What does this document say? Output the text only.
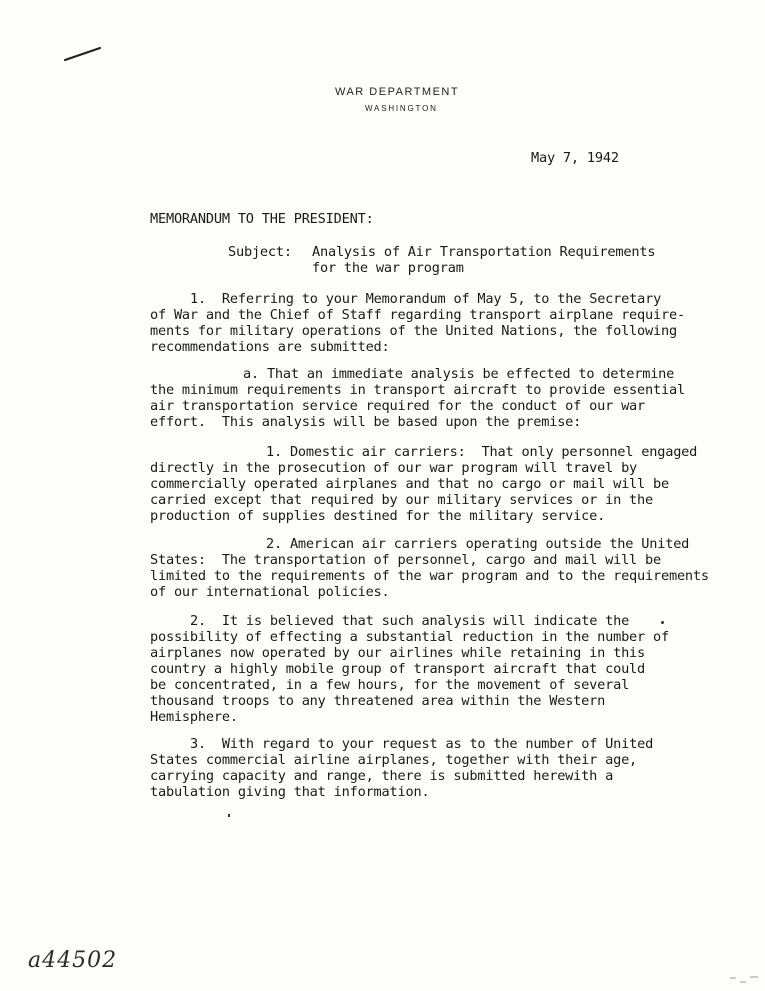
WAR DEPARTMENT
WASHINGTON
May 7, 1942
MEMORANDUM TO THE PRESIDENT:
Subject: Analysis of Air Transportation Requirements
for the war program
1.  Referring to your Memorandum of May 5, to the Secretary
of War and the Chief of Staff regarding transport airplane require-
ments for military operations of the United Nations, the following
recommendations are submitted:
a. That an immediate analysis be effected to determine
the minimum requirements in transport aircraft to provide essential
air transportation service required for the conduct of our war
effort.  This analysis will be based upon the premise:
1. Domestic air carriers:  That only personnel engaged
directly in the prosecution of our war program will travel by
commercially operated airplanes and that no cargo or mail will be
carried except that required by our military services or in the
production of supplies destined for the military service.
2. American air carriers operating outside the United
States:  The transportation of personnel, cargo and mail will be
limited to the requirements of the war program and to the requirements
of our international policies.
2.  It is believed that such analysis will indicate the
possibility of effecting a substantial reduction in the number of
airplanes now operated by our airlines while retaining in this
country a highly mobile group of transport aircraft that could
be concentrated, in a few hours, for the movement of several
thousand troops to any threatened area within the Western
Hemisphere.
3.  With regard to your request as to the number of United
States commercial airline airplanes, together with their age,
carrying capacity and range, there is submitted herewith a
tabulation giving that information.
a44502
